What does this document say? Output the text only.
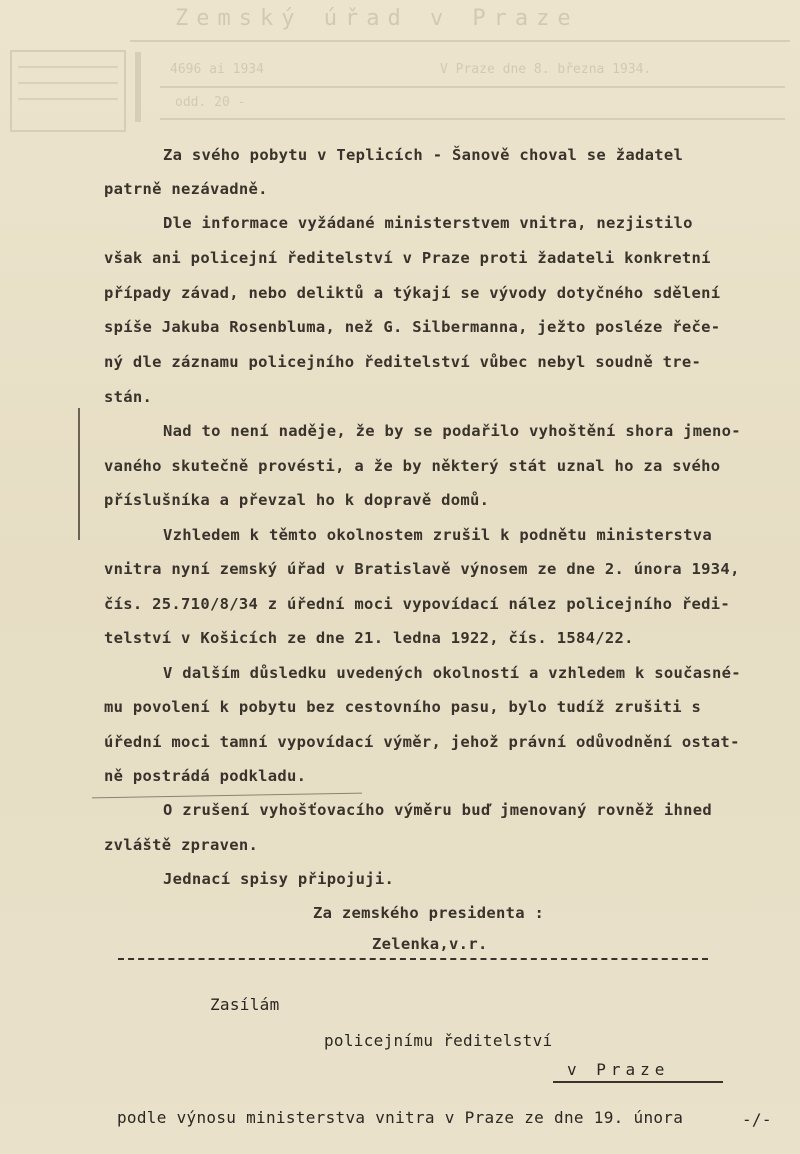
Zemský úřad v Praze
4696 ai 1934
odd. 20 -
V Praze dne 8. března 1934.
Za svého pobytu v Teplicích - Šanově choval se žadatel
patrně nezávadně.
Dle informace vyžádané ministerstvem vnitra, nezjistilo
však ani policejní ředitelství v Praze proti žadateli konkretní
případy závad, nebo deliktů a týkají se vývody dotyčného sdělení
spíše Jakuba Rosenbluma, než G. Silbermanna, ježto posléze řeče-
ný dle záznamu policejního ředitelství vůbec nebyl soudně tre-
stán.
Nad to není naděje, že by se podařilo vyhoštění shora jmeno-
vaného skutečně provésti, a že by některý stát uznal ho za svého
příslušníka a převzal ho k dopravě domů.
Vzhledem k těmto okolnostem zrušil k podnětu ministerstva
vnitra nyní zemský úřad v Bratislavě výnosem ze dne 2. února 1934,
čís. 25.710/8/34 z úřední moci vypovídací nález policejního ředi-
telství v Košicích ze dne 21. ledna 1922, čís. 1584/22.
V dalším důsledku uvedených okolností a vzhledem k současné-
mu povolení k pobytu bez cestovního pasu, bylo tudíž zrušiti s
úřední moci tamní vypovídací výměr, jehož právní odůvodnění ostat-
ně postrádá podkladu.
O zrušení vyhošťovacího výměru buď jmenovaný rovněž ihned
zvláště zpraven.
Jednací spisy připojuji.
Za zemského presidenta :
Zelenka,v.r.
Zasílám
policejnímu ředitelství
v Praze
podle výnosu ministerstva vnitra v Praze ze dne 19. února	-/-
